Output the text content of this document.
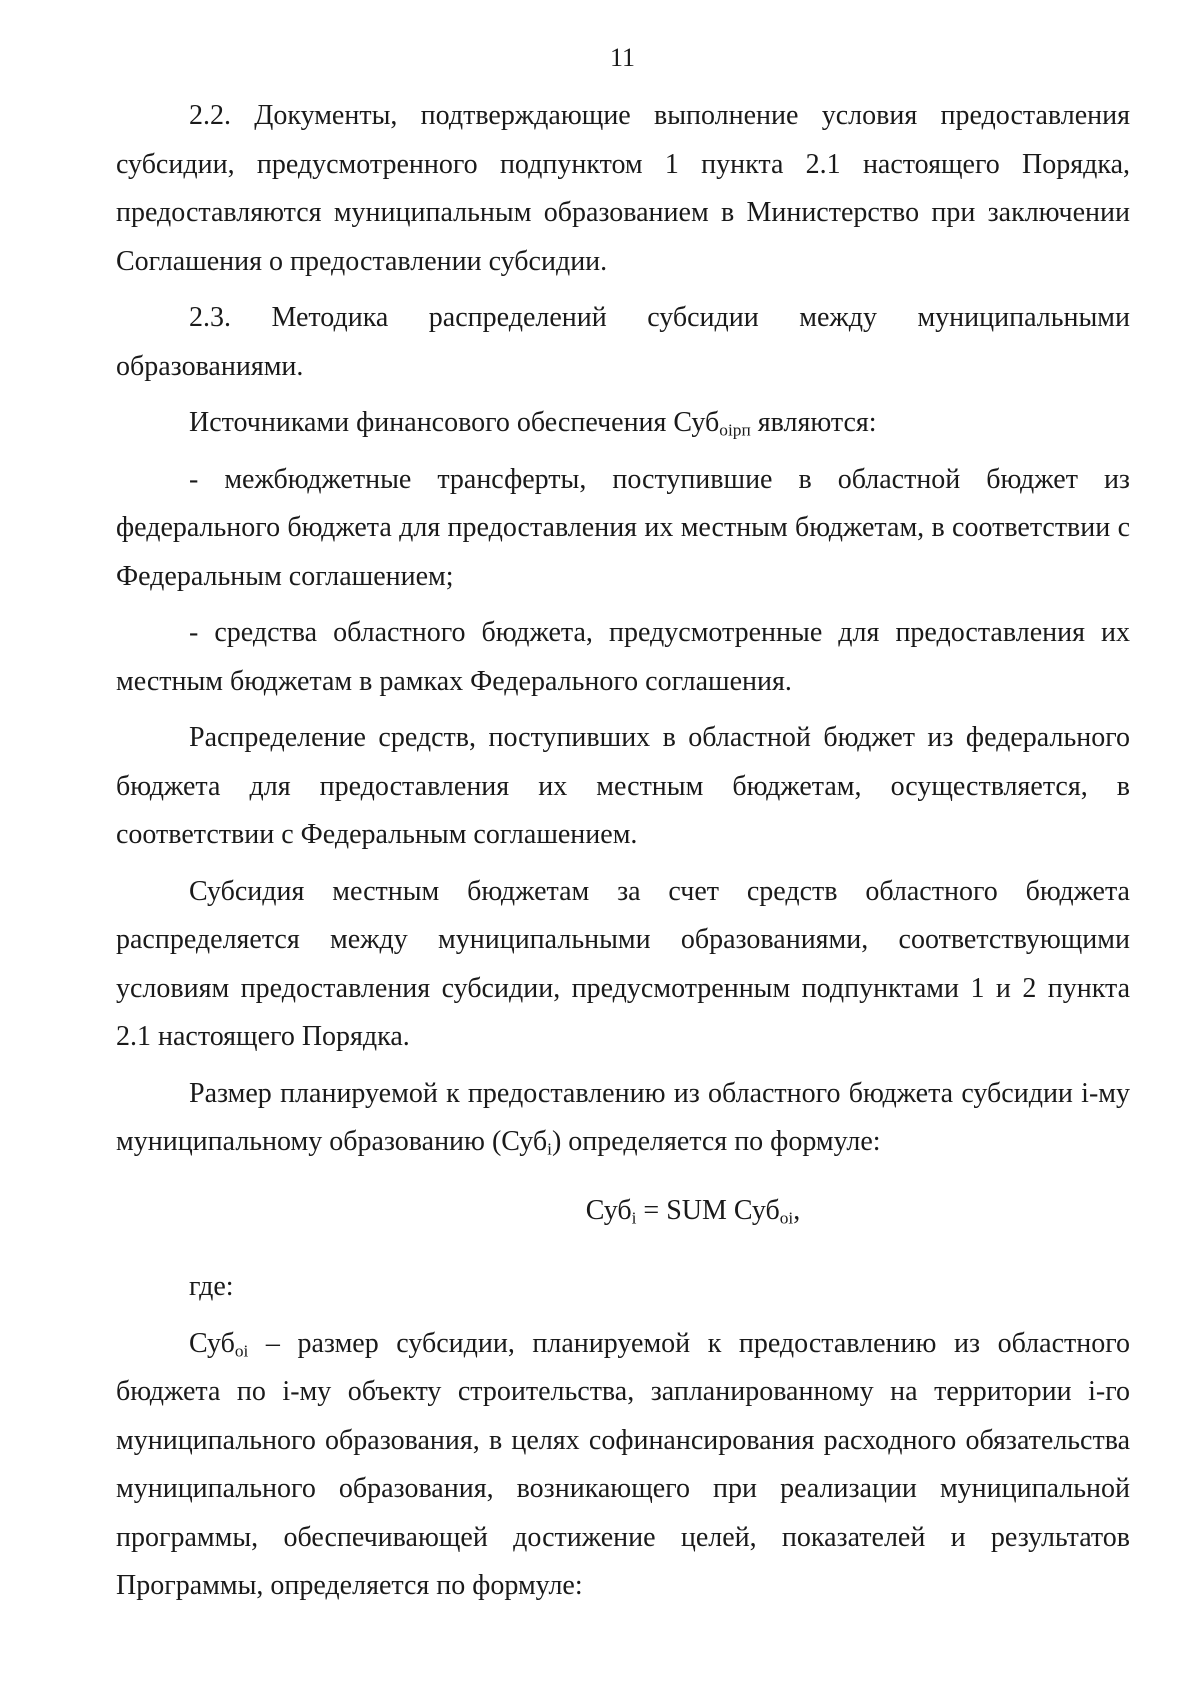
11

2.2. Документы, подтверждающие выполнение условия предоставления субсидии, предусмотренного подпунктом 1 пункта 2.1 настоящего Порядка, предоставляются муниципальным образованием в Министерство при заключении Соглашения о предоставлении субсидии.

2.3. Методика распределений субсидии между муниципальными образованиями.

Источниками финансового обеспечения Суб$_{оірп}$ являются:

- межбюджетные трансферты, поступившие в областной бюджет из федерального бюджета для предоставления их местным бюджетам, в соответствии с Федеральным соглашением;

- средства областного бюджета, предусмотренные для предоставления их местным бюджетам в рамках Федерального соглашения.

Распределение средств, поступивших в областной бюджет из федерального бюджета для предоставления их местным бюджетам, осуществляется, в соответствии с Федеральным соглашением.

Субсидия местным бюджетам за счет средств областного бюджета распределяется между муниципальными образованиями, соответствующими условиям предоставления субсидии, предусмотренным подпунктами 1 и 2 пункта 2.1 настоящего Порядка.

Размер планируемой к предоставлению из областного бюджета субсидии і-му муниципальному образованию (Суб$_і$) определяется по формуле:

Суб$_і$ = SUM Суб$_{оі}$,

где:

Суб$_{оі}$ – размер субсидии, планируемой к предоставлению из областного бюджета по і-му объекту строительства, запланированному на территории і-го муниципального образования, в целях софинансирования расходного обязательства муниципального образования, возникающего при реализации муниципальной программы, обеспечивающей достижение целей, показателей и результатов Программы, определяется по формуле:
